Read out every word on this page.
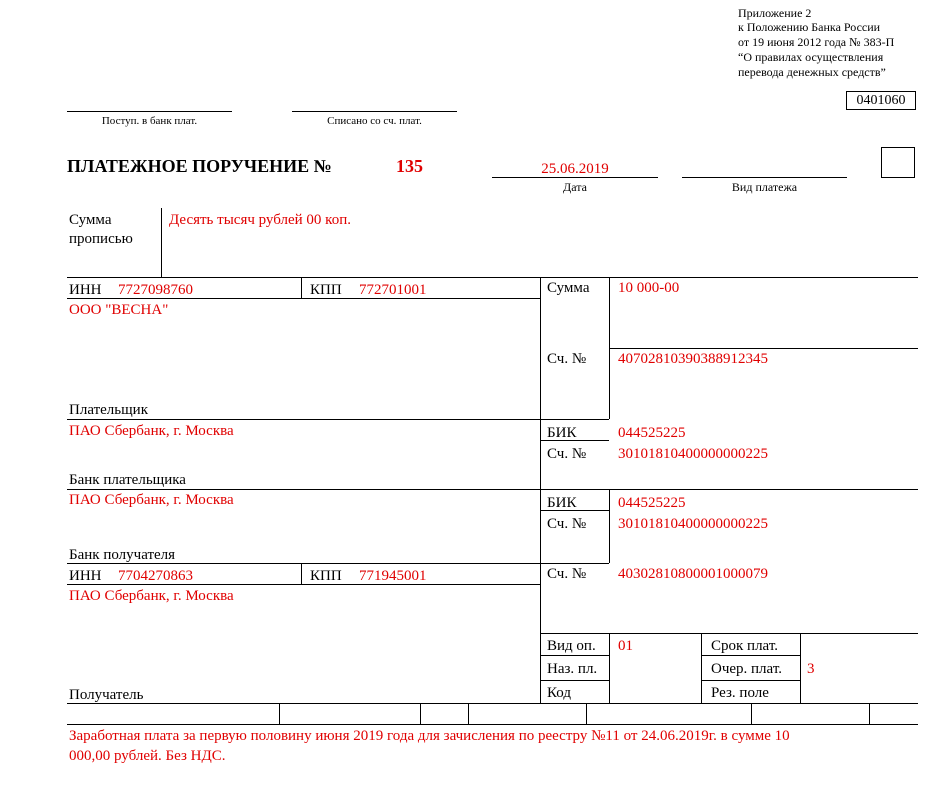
Приложение 2
к Положению Банка России
от 19 июня 2012 года № 383-П
“О правилах осуществления
перевода денежных средств”
0401060
Поступ. в банк плат.	Списано со сч. плат.
ПЛАТЕЖНОЕ ПОРУЧЕНИЕ №	135	25.06.2019
Дата	Вид платежа
Сумма
прописью
Десять тысяч рублей 00 коп.
ИНН 7727098760	КПП 772701001
ООО "ВЕСНА"
Плательщик
Сумма 10 000-00
Сч. № 40702810390388912345
ПАО Сбербанк, г. Москва
Банк плательщика
БИК	044525225
Сч. № 30101810400000000225
ПАО Сбербанк, г. Москва
Банк получателя
БИК	044525225
Сч. № 30101810400000000225
ИНН 7704270863	КПП 771945001
ПАО Сбербанк, г. Москва
Получатель
Сч. № 40302810800001000079
Вид оп. 01
Наз. пл.
Код
Срок плат.
Очер. плат. 3
Рез. поле
Заработная плата за первую половину июня 2019 года для зачисления по реестру №11 от 24.06.2019г. в сумме 10
000,00 рублей. Без НДС.
